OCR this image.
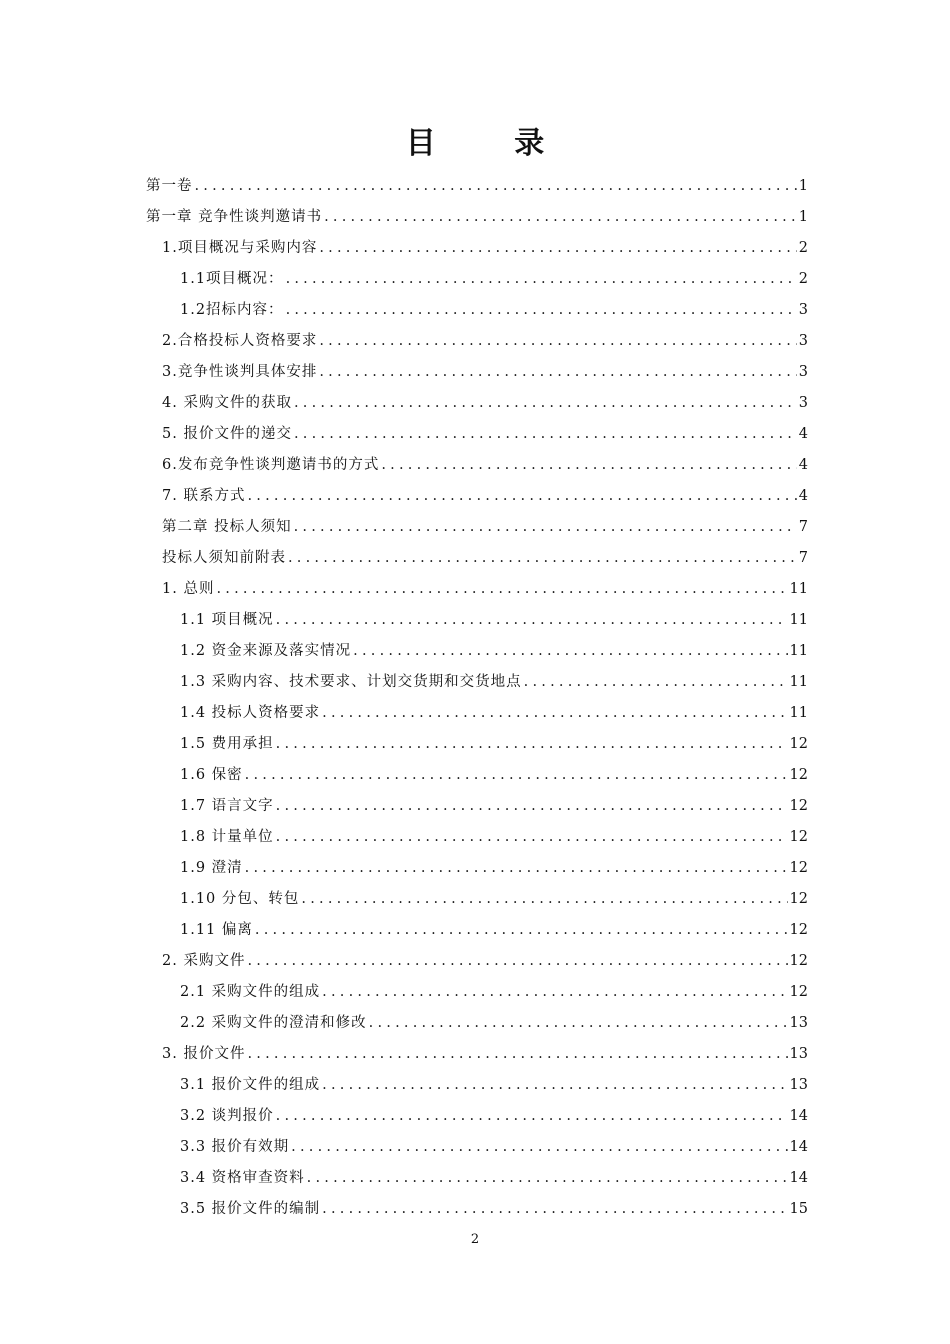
目 录
第一卷 .....	1
第一章 竞争性谈判邀请书 .....	1
1.项目概况与采购内容 .....	2
1.1项目概况： .....	2
1.2招标内容： .....	3
2.合格投标人资格要求 .....	3
3.竞争性谈判具体安排 .....	3
4. 采购文件的获取 .....	3
5. 报价文件的递交 .....	4
6.发布竞争性谈判邀请书的方式 .....	4
7. 联系方式 .....	4
第二章 投标人须知 .....	7
投标人须知前附表 .....	7
1. 总则 .....	11
1.1 项目概况 .....	11
1.2 资金来源及落实情况 .....	11
1.3 采购内容、技术要求、计划交货期和交货地点 .....	11
1.4 投标人资格要求 .....	11
1.5 费用承担 .....	12
1.6 保密 .....	12
1.7 语言文字 .....	12
1.8 计量单位 .....	12
1.9 澄清 .....	12
1.10 分包、转包 .....	12
1.11 偏离 .....	12
2. 采购文件 .....	12
2.1 采购文件的组成 .....	12
2.2 采购文件的澄清和修改 .....	13
3. 报价文件 .....	13
3.1 报价文件的组成 .....	13
3.2 谈判报价 .....	14
3.3 报价有效期 .....	14
3.4 资格审查资料 .....	14
3.5 报价文件的编制 .....	15
2
